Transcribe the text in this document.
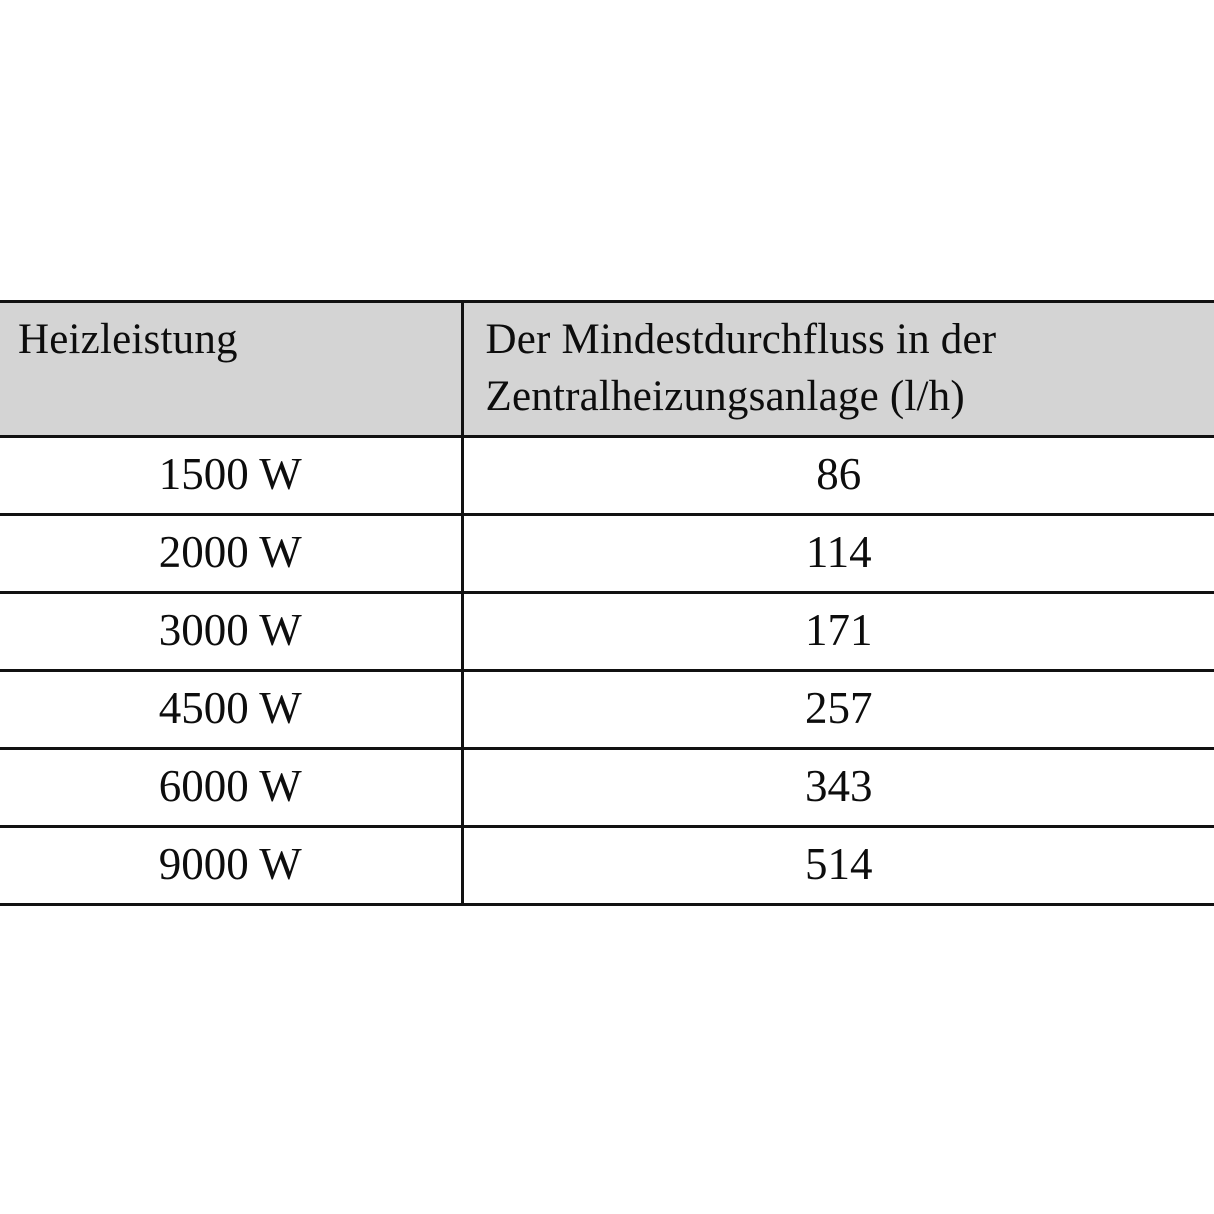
Heizleistung	Der Mindestdurchfluss in der Zentralheizungsanlage (l/h)

1500 W	86
2000 W	114
3000 W	171
4500 W	257
6000 W	343
9000 W	514
